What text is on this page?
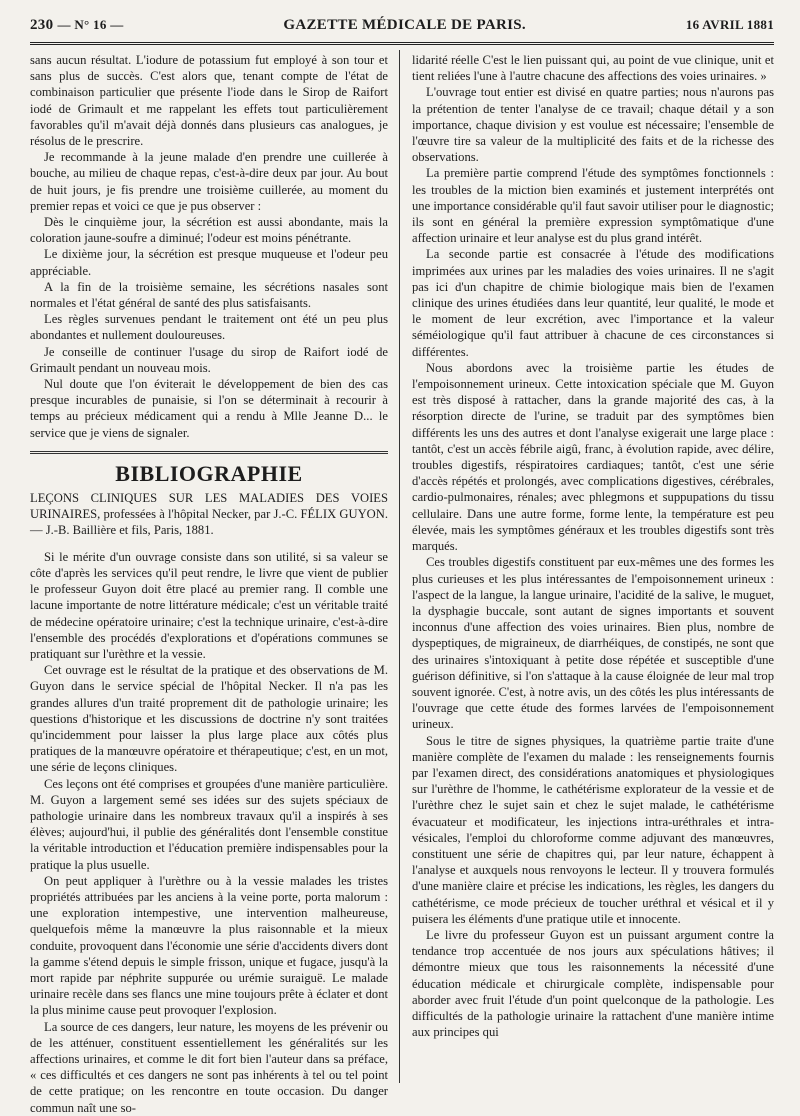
230 — N° 16 —	GAZETTE MÉDICALE DE PARIS.	16 AVRIL 1881

sans aucun résultat. L'iodure de potassium fut employé à son tour et sans plus de succès. C'est alors que, tenant compte de l'état de combinaison particulier que présente l'iode dans le Sirop de Raifort iodé de Grimault et me rappelant les effets tout particulièrement favorables qu'il m'avait déjà donnés dans plusieurs cas analogues, je résolus de le prescrire.

Je recommande à la jeune malade d'en prendre une cuillerée à bouche, au milieu de chaque repas, c'est-à-dire deux par jour. Au bout de huit jours, je fis prendre une troisième cuillerée, au moment du premier repas et voici ce que je pus observer :

Dès le cinquième jour, la sécrétion est aussi abondante, mais la coloration jaune-soufre a diminué; l'odeur est moins pénétrante.

Le dixième jour, la sécrétion est presque muqueuse et l'odeur peu appréciable.

A la fin de la troisième semaine, les sécrétions nasales sont normales et l'état général de santé des plus satisfaisants.

Les règles survenues pendant le traitement ont été un peu plus abondantes et nullement douloureuses.

Je conseille de continuer l'usage du sirop de Raifort iodé de Grimault pendant un nouveau mois.

Nul doute que l'on éviterait le développement de bien des cas presque incurables de punaisie, si l'on se déterminait à recourir à temps au précieux médicament qui a rendu à Mlle Jeanne D... le service que je viens de signaler.

BIBLIOGRAPHIE

LEÇONS CLINIQUES SUR LES MALADIES DES VOIES URINAIRES, professées à l'hôpital Necker, par J.-C. FÉLIX GUYON. — J.-B. Baillière et fils, Paris, 1881.

Si le mérite d'un ouvrage consiste dans son utilité, si sa valeur se côte d'après les services qu'il peut rendre, le livre que vient de publier le professeur Guyon doit être placé au premier rang. Il comble une lacune importante de notre littérature médicale; c'est un véritable traité de médecine opératoire urinaire; c'est la technique urinaire, c'est-à-dire l'ensemble des procédés d'explorations et d'opérations communes se pratiquant sur l'urèthre et la vessie.

Cet ouvrage est le résultat de la pratique et des observations de M. Guyon dans le service spécial de l'hôpital Necker. Il n'a pas les grandes allures d'un traité proprement dit de pathologie urinaire; les questions d'historique et les discussions de doctrine n'y sont traitées qu'incidemment pour laisser la plus large place aux côtés plus pratiques de la manœuvre opératoire et thérapeutique; c'est, en un mot, une série de leçons cliniques.

Ces leçons ont été comprises et groupées d'une manière particulière. M. Guyon a largement semé ses idées sur des sujets spéciaux de pathologie urinaire dans les nombreux travaux qu'il a inspirés à ses élèves; aujourd'hui, il publie des généralités dont l'ensemble constitue la véritable introduction et l'éducation première indispensables pour la pratique la plus usuelle.

On peut appliquer à l'urèthre ou à la vessie malades les tristes propriétés attribuées par les anciens à la veine porte, porta malorum : une exploration intempestive, une intervention malheureuse, quelquefois même la manœuvre la plus raisonnable et la mieux conduite, provoquent dans l'économie une série d'accidents divers dont la gamme s'étend depuis le simple frisson, unique et fugace, jusqu'à la mort rapide par néphrite suppurée ou urémie suraiguë. Le malade urinaire recèle dans ses flancs une mine toujours prête à éclater et dont la plus minime cause peut provoquer l'explosion.

La source de ces dangers, leur nature, les moyens de les prévenir ou de les atténuer, constituent essentiellement les généralités sur les affections urinaires, et comme le dit fort bien l'auteur dans sa préface, « ces difficultés et ces dangers ne sont pas inhérents à tel ou tel point de cette pratique; on les rencontre en toute occasion. Du danger commun naît une so-

lidarité réelle C'est le lien puissant qui, au point de vue clinique, unit et tient reliées l'une à l'autre chacune des affections des voies urinaires. »

L'ouvrage tout entier est divisé en quatre parties; nous n'aurons pas la prétention de tenter l'analyse de ce travail; chaque détail y a son importance, chaque division y est voulue est nécessaire; l'ensemble de l'œuvre tire sa valeur de la multiplicité des faits et de la richesse des observations.

La première partie comprend l'étude des symptômes fonctionnels : les troubles de la miction bien examinés et justement interprétés ont une importance considérable qu'il faut savoir utiliser pour le diagnostic; ils sont en général la première expression symptômatique d'une affection urinaire et leur analyse est du plus grand intérêt.

La seconde partie est consacrée à l'étude des modifications imprimées aux urines par les maladies des voies urinaires. Il ne s'agit pas ici d'un chapitre de chimie biologique mais bien de l'examen clinique des urines étudiées dans leur quantité, leur qualité, le mode et le moment de leur excrétion, avec l'importance et la valeur séméiologique qu'il faut attribuer à chacune de ces circonstances si différentes.

Nous abordons avec la troisième partie les études de l'empoisonnement urineux. Cette intoxication spéciale que M. Guyon est très disposé à rattacher, dans la grande majorité des cas, à la résorption directe de l'urine, se traduit par des symptômes bien différents les uns des autres et dont l'analyse exigerait une large place : tantôt, c'est un accès fébrile aigû, franc, à évolution rapide, avec délire, troubles digestifs, réspiratoires cardiaques; tantôt, c'est une série d'accès répétés et prolongés, avec complications digestives, cérébrales, cardio-pulmonaires, rénales; avec phlegmons et suppupations du tissu cellulaire. Dans une autre forme, forme lente, la température est peu élevée, mais les symptômes généraux et les troubles digestifs sont très marqués.

Ces troubles digestifs constituent par eux-mêmes une des formes les plus curieuses et les plus intéressantes de l'empoisonnement urineux : l'aspect de la langue, la langue urinaire, l'acidité de la salive, le muguet, la dysphagie buccale, sont autant de signes importants et souvent inconnus d'une affection des voies urinaires. Bien plus, nombre de dyspeptiques, de migraineux, de diarrhéiques, de constipés, ne sont que des urinaires s'intoxiquant à petite dose répétée et susceptible d'une guérison définitive, si l'on s'attaque à la cause éloignée de leur mal trop souvent ignorée. C'est, à notre avis, un des côtés les plus intéressants de l'ouvrage que cette étude des formes larvées de l'empoisonnement urineux.

Sous le titre de signes physiques, la quatrième partie traite d'une manière complète de l'examen du malade : les renseignements fournis par l'examen direct, des considérations anatomiques et physiologiques sur l'urèthre de l'homme, le cathétérisme explorateur de la vessie et de l'urèthre chez le sujet sain et chez le sujet malade, le cathétérisme évacuateur et modificateur, les injections intra-uréthrales et intra-vésicales, l'emploi du chloroforme comme adjuvant des manœuvres, constituent une série de chapitres qui, par leur nature, échappent à l'analyse et auxquels nous renvoyons le lecteur. Il y trouvera formulés d'une manière claire et précise les indications, les règles, les dangers du cathétérisme, ce mode précieux de toucher uréthral et vésical et il y puisera les éléments d'une pratique utile et innocente.

Le livre du professeur Guyon est un puissant argument contre la tendance trop accentuée de nos jours aux spéculations hâtives; il démontre mieux que tous les raisonnements la nécessité d'une éducation médicale et chirurgicale complète, indispensable pour aborder avec fruit l'étude d'un point quelconque de la pathologie. Les difficultés de la pathologie urinaire la rattachent d'une manière intime aux principes qui
